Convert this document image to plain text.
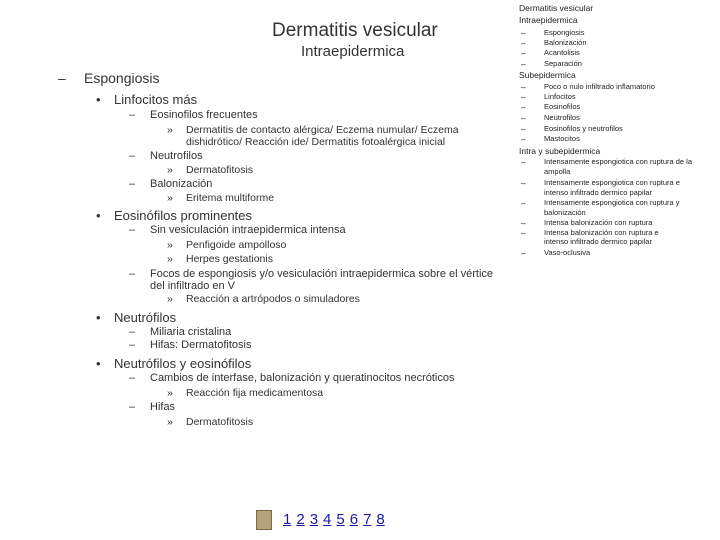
Dermatitis vesicular
Intraepidermica
– Espongiosis
• Linfocitos más
– Eosinofilos frecuentes
» Dermatitis de contacto alérgica/ Eczema numular/ Eczema
dishidrótico/ Reacción ide/ Dermatitis fotoalérgica inicial
– Neutrofilos
» Dermatofitosis
– Balonización
» Eritema multiforme
• Eosinófilos prominentes
– Sin vesiculación intraepidermica intensa
» Penfigoide ampolloso
» Herpes gestationis
– Focos de espongiosis y/o vesiculación intraepidermica sobre el vértice
del infiltrado en V
» Reacción a artrópodos o simuladores
• Neutrófilos
– Miliaria cristalina
– Hifas: Dermatofitosis
• Neutrófilos y eosinófilos
– Cambios de interfase, balonización y queratinocitos necróticos
» Reacción fija medicamentosa
– Hifas
» Dermatofitosis
Dermatitis vesicular
Intraepidermica
– Espongiosis
– Balonización
– Acantolisis
– Separación
Subepidermica
– Poco o nulo infiltrado inflamatorio
– Linfocitos
– Eosinofilos
– Neutrofilos
– Eosinofilos y neutrofilos
– Mastocitos
Intra y subepidermica
– Intensamente espongiotica con ruptura de la
ampolla
– Intensamente espongiotica con ruptura e
intenso infiltrado dermico papilar
– Intensamente espongiotica con ruptura y
balonización
– Intensa balonización con ruptura
– Intensa balonización con ruptura e
intenso infiltrado dermico papilar
– Vaso-oclusiva
1 2 3 4 5 6 7 8
